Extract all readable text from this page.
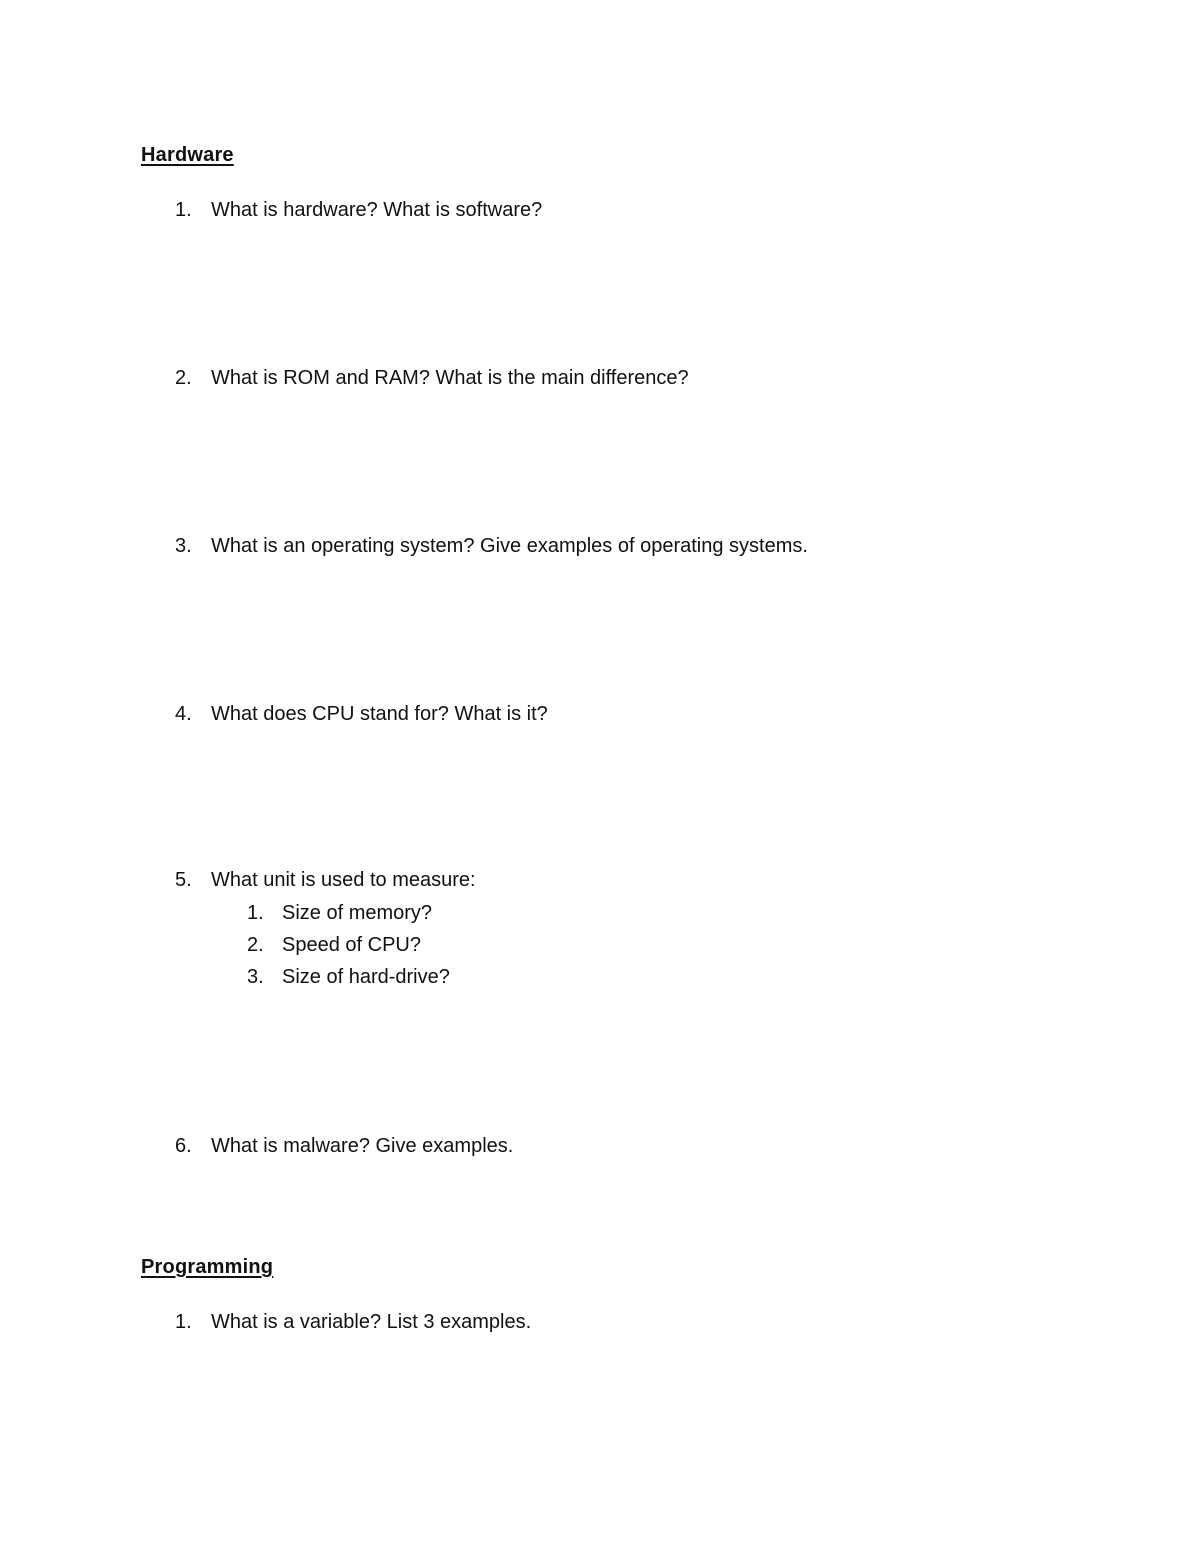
Hardware
1. What is hardware? What is software?
2. What is ROM and RAM? What is the main difference?
3. What is an operating system? Give examples of operating systems.
4. What does CPU stand for? What is it?
5. What unit is used to measure:
1. Size of memory?
2. Speed of CPU?
3. Size of hard-drive?
6. What is malware? Give examples.
Programming
1. What is a variable? List 3 examples.
